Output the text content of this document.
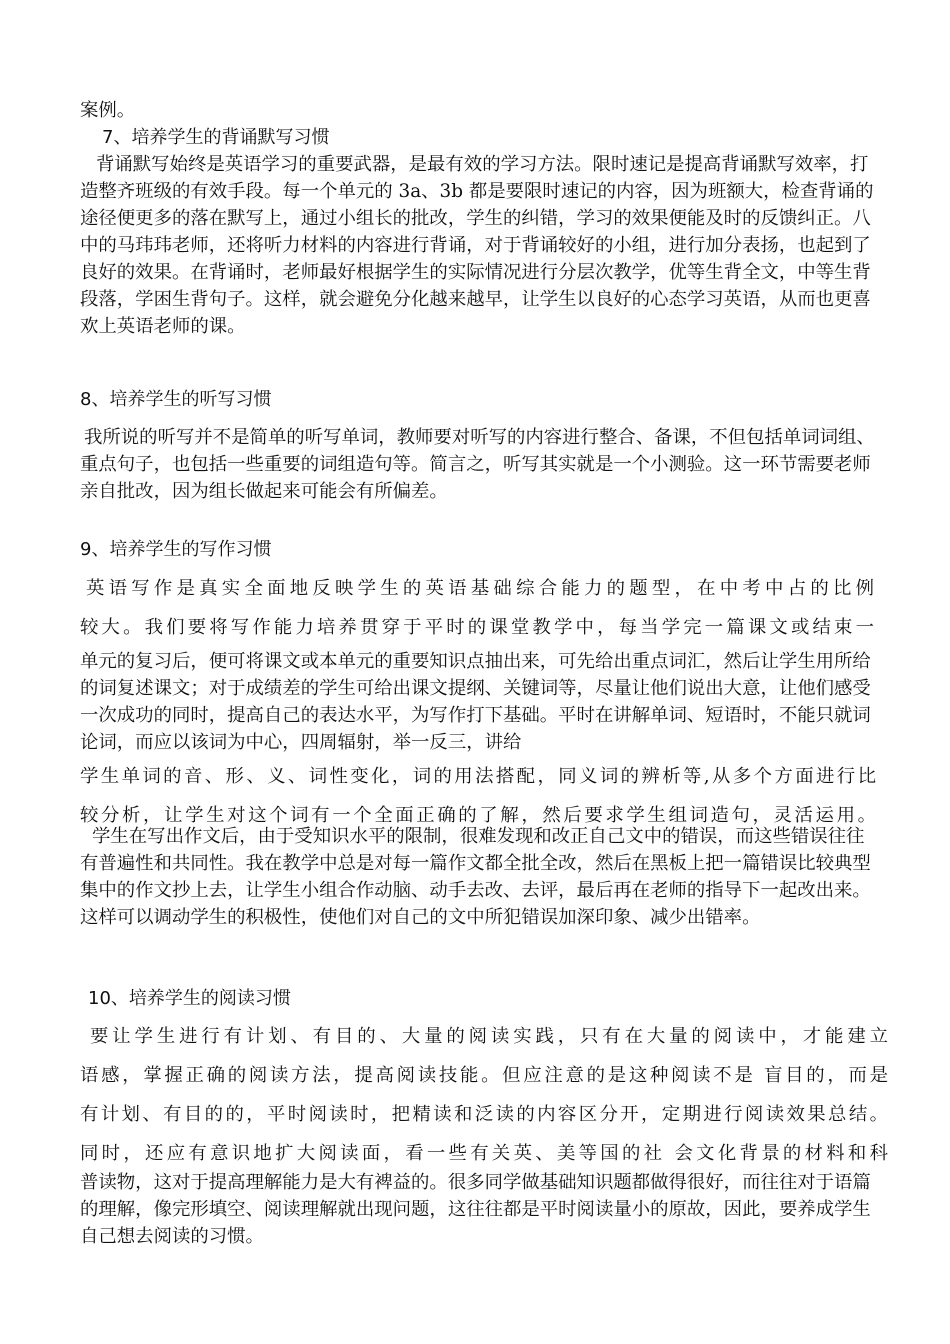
案例。

7、培养学生的背诵默写习惯

背诵默写始终是英语学习的重要武器，是最有效的学习方法。限时速记是提高背诵默写效率，打造整齐班级的有效手段。每一个单元的 3a、3b 都是要限时速记的内容，因为班额大，检查背诵的途径便更多的落在默写上，通过小组长的批改，学生的纠错，学习的效果便能及时的反馈纠正。八中的马玮玮老师，还将听力材料的内容进行背诵，对于背诵较好的小组，进行加分表扬，也起到了良好的效果。在背诵时，老师最好根据学生的实际情况进行分层次教学，优等生背全文，中等生背段落，学困生背句子。这样，就会避免分化越来越早，让学生以良好的心态学习英语，从而也更喜欢上英语老师的课。

8、培养学生的听写习惯

我所说的听写并不是简单的听写单词，教师要对听写的内容进行整合、备课，不但包括单词词组、重点句子，也包括一些重要的词组造句等。简言之，听写其实就是一个小测验。这一环节需要老师亲自批改，因为组长做起来可能会有所偏差。

9、培养学生的写作习惯

英语写作是真实全面地反映学生的英语基础综合能力的题型，在中考中占的比例
较大。我们要将写作能力培养贯穿于平时的课堂教学中，每当学完一篇课文或结束一

单元的复习后，便可将课文或本单元的重要知识点抽出来，可先给出重点词汇，然后让学生用所给的词复述课文；对于成绩差的学生可给出课文提纲、关键词等，尽量让他们说出大意，让他们感受一次成功的同时，提高自己的表达水平，为写作打下基础。平时在讲解单词、短语时，不能只就词论词，而应以该词为中心，四周辐射，举一反三，讲给

学生单词的音、形、义、词性变化，词的用法搭配，同义词的辨析等,从多个方面进行比
较分析，让学生对这个词有一个全面正确的了解，然后要求学生组词造句，灵活运用。

学生在写出作文后，由于受知识水平的限制，很难发现和改正自己文中的错误，而这些错误往往有普遍性和共同性。我在教学中总是对每一篇作文都全批全改，然后在黑板上把一篇错误比较典型集中的作文抄上去，让学生小组合作动脑、动手去改、去评，最后再在老师的指导下一起改出来。这样可以调动学生的积极性，使他们对自己的文中所犯错误加深印象、减少出错率。

10、培养学生的阅读习惯

要让学生进行有计划、有目的、大量的阅读实践，只有在大量的阅读中，才能建立
语感，掌握正确的阅读方法，提高阅读技能。但应注意的是这种阅读不是 盲目的，而是
有计划、有目的的，平时阅读时，把精读和泛读的内容区分开，定期进行阅读效果总结。
同时，还应有意识地扩大阅读面，看一些有关英、美等国的社 会文化背景的材料和科

普读物，这对于提高理解能力是大有裨益的。很多同学做基础知识题都做得很好，而往往对于语篇的理解，像完形填空、阅读理解就出现问题，这往往都是平时阅读量小的原故，因此，要养成学生自己想去阅读的习惯。
